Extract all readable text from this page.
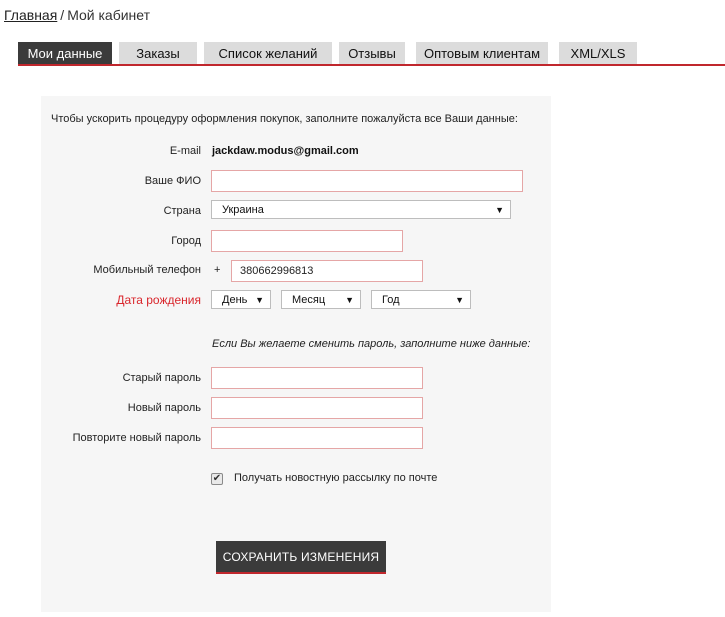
Главная / Мой кабинет
Мои данные	Заказы	Список желаний	Отзывы	Оптовым клиентам	XML/XLS
Чтобы ускорить процедуру оформления покупок, заполните пожалуйста все Ваши данные:
E-mail jackdaw.modus@gmail.com
Ваше ФИО
Страна Украина	▼
Город
Мобильный телефон +	380662996813
Дата рождения День ▼	Месяц ▼	Год	▼
Если Вы желаете сменить пароль, заполните ниже данные:
Старый пароль
Новый пароль
Повторите новый пароль
✔ Получать новостную рассылку по почте
СОХРАНИТЬ ИЗМЕНЕНИЯ
